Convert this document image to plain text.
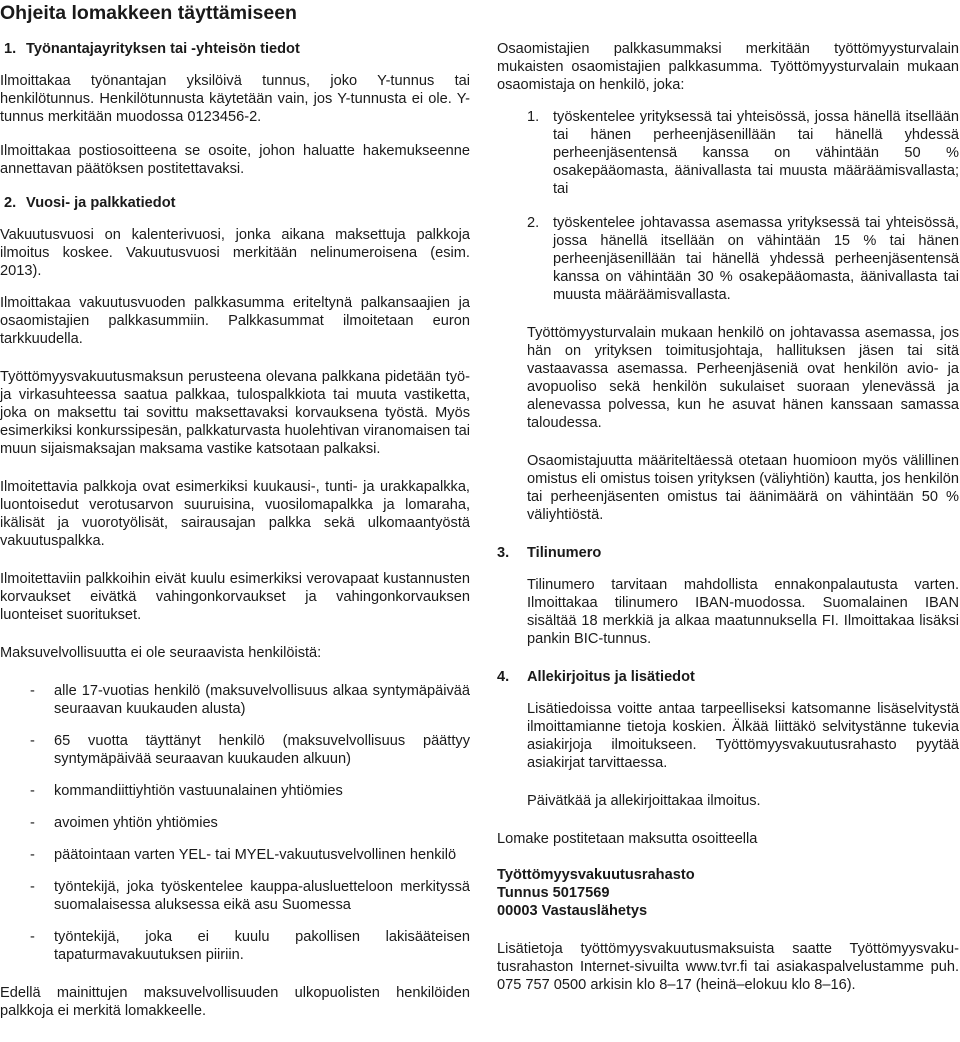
Ohjeita lomakkeen täyttämiseen
1. Työnantajayrityksen tai -yhteisön tiedot

Ilmoittakaa työnantajan yksilöivä tunnus, joko Y-tunnus tai henkilötunnus. Henkilötunnusta käytetään vain, jos Y-tunnusta ei ole. Y-tunnus merkitään muodossa 0123456-2.

Ilmoittakaa postiosoitteena se osoite, johon haluatte hakemukseenne annettavan päätöksen postitettavaksi.

2. Vuosi- ja palkkatiedot

Vakuutusvuosi on kalenterivuosi, jonka aikana maksettuja palkkoja ilmoitus koskee. Vakuutusvuosi merkitään nelinumeroisena (esim. 2013).

Ilmoittakaa vakuutusvuoden palkkasumma eriteltynä palkansaajien ja osaomistajien palkkasummiin. Palkkasummat ilmoitetaan euron tarkkuudella.

Työttömyysvakuutusmaksun perusteena olevana palkkana pidetään työ- ja virkasuhteessa saatua palkkaa, tulospalkkiota tai muuta vastiketta, joka on maksettu tai sovittu maksettavaksi korvauksena työstä. Myös esimerkiksi konkurssipesän, palkkaturvasta huolehtivan viranomaisen tai muun sijaismaksajan maksama vastike katsotaan palkaksi.

Ilmoitettavia palkkoja ovat esimerkiksi kuukausi-, tunti- ja urakkapalkka, luontoisedut verotusarvon suuruisina, vuosilomapalkka ja lomaraha, ikälisät ja vuorotyölisät, sairausajan palkka sekä ulkomaantyöstä vakuutuspalkka.

Ilmoitettaviin palkkoihin eivät kuulu esimerkiksi verovapaat kustannusten korvaukset eivätkä vahingonkorvaukset ja vahingonkorvauksen luonteiset suoritukset.

Maksuvelvollisuutta ei ole seuraavista henkilöistä:

-	alle 17-vuotias henkilö (maksuvelvollisuus alkaa syntymäpäivää seuraavan kuukauden alusta)
-	65 vuotta täyttänyt henkilö (maksuvelvollisuus päättyy syntymäpäivää seuraavan kuukauden alkuun)
-	kommandiittiyhtiön vastuunalainen yhtiömies
-	avoimen yhtiön yhtiömies
-	päätointaan varten YEL- tai MYEL-vakuutusvelvollinen henkilö
-	työntekijä, joka työskentelee kauppa-alusluetteloon merkityssä suomalaisessa aluksessa eikä asu Suomessa
-	työntekijä, joka ei kuulu pakollisen lakisääteisen tapaturmavakuutuksen piiriin.

Edellä mainittujen maksuvelvollisuuden ulkopuolisten henkilöiden palkkoja ei merkitä lomakkeelle.

Osaomistajien palkkasummaksi merkitään työttömyysturvalain mukaisten osaomistajien palkkasumma. Työttömyysturvalain mukaan osaomistaja on henkilö, joka:

1. työskentelee yrityksessä tai yhteisössä, jossa hänellä itsellään tai hänen perheenjäsenillään tai hänellä yhdessä perheenjäsentensä kanssa on vähintään 50 % osakepääomasta, äänivallasta tai muusta määräämisvallasta; tai
2. työskentelee johtavassa asemassa yrityksessä tai yhteisössä, jossa hänellä itsellään on vähintään 15 % tai hänen perheenjäsenillään tai hänellä yhdessä perheenjäsentensä kanssa on vähintään 30 % osakepääomasta, äänivallasta tai muusta määräämisvallasta.

Työttömyysturvalain mukaan henkilö on johtavassa asemassa, jos hän on yrityksen toimitusjohtaja, hallituksen jäsen tai sitä vastaavassa asemassa. Perheenjäseniä ovat henkilön avio- ja avopuoliso sekä henkilön sukulaiset suoraan ylenevässä ja alenevassa polvessa, kun he asuvat hänen kanssaan samassa taloudessa.

Osaomistajuutta määriteltäessä otetaan huomioon myös välillinen omistus eli omistus toisen yrityksen (väliyhtiön) kautta, jos henkilön tai perheenjäsenten omistus tai äänimäärä on vähintään 50 % väliyhtiöstä.

3.	Tilinumero

Tilinumero tarvitaan mahdollista ennakonpalautusta varten. Ilmoittakaa tilinumero IBAN-muodossa. Suomalainen IBAN sisältää 18 merkkiä ja alkaa maatunnuksella FI. Ilmoittakaa lisäksi pankin BIC-tunnus.

4.	Allekirjoitus ja lisätiedot

Lisätiedoissa voitte antaa tarpeelliseksi katsomanne lisäselvitystä ilmoittamianne tietoja koskien. Älkää liittäkö selvitystänne tukevia asiakirjoja ilmoitukseen. Työttömyysvakuutusrahasto pyytää asiakirjat tarvittaessa.

Päivätkää ja allekirjoittakaa ilmoitus.

Lomake postitetaan maksutta osoitteella

Työttömyysvakuutusrahasto
Tunnus 5017569
00003 Vastauslähetys

Lisätietoja työttömyysvakuutusmaksuista saatte Työttömyysvakutusrahaston Internet-sivuilta www.tvr.fi tai asiakaspalvelustamme puh. 075 757 0500 arkisin klo 8–17 (heinä–elokuu klo 8–16).
